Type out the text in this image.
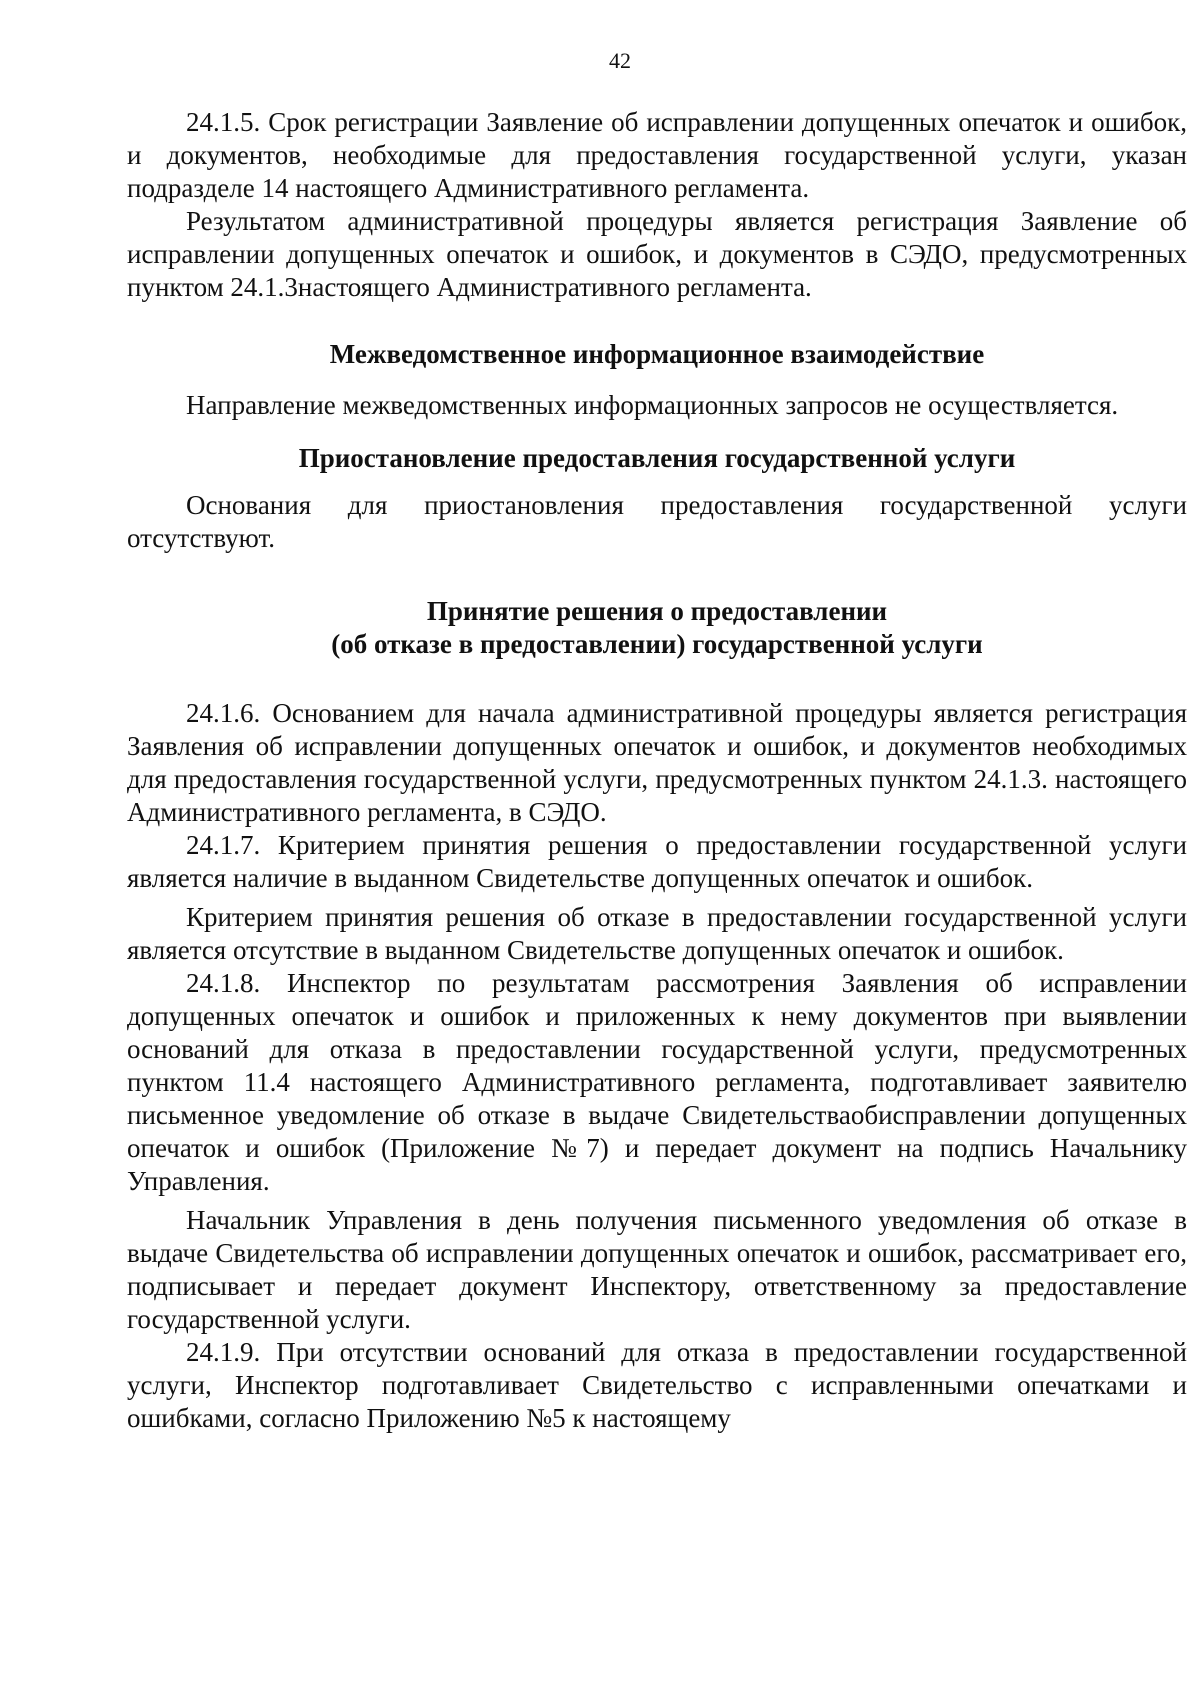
42

24.1.5. Срок регистрации Заявление об исправлении допущенных опечаток и ошибок, и документов, необходимые для предоставления государственной услуги, указан подразделе 14 настоящего Административного регламента.

Результатом административной процедуры является регистрация Заявление об исправлении допущенных опечаток и ошибок, и документов в СЭДО, предусмотренных пунктом 24.1.3настоящего Административного регламента.

Межведомственное информационное взаимодействие

Направление межведомственных информационных запросов не осуществляется.

Приостановление предоставления государственной услуги

Основания для приостановления предоставления государственной услуги отсутствуют.

Принятие решения о предоставлении
(об отказе в предоставлении) государственной услуги

24.1.6. Основанием для начала административной процедуры является регистрация Заявления об исправлении допущенных опечаток и ошибок, и документов необходимых для предоставления государственной услуги, предусмотренных пунктом 24.1.3. настоящего Административного регламента, в СЭДО.

24.1.7. Критерием принятия решения о предоставлении государственной услуги является наличие в выданном Свидетельстве допущенных опечаток и ошибок.

Критерием принятия решения об отказе в предоставлении государственной услуги является отсутствие в выданном Свидетельстве допущенных опечаток и ошибок.

24.1.8. Инспектор по результатам рассмотрения Заявления об исправлении допущенных опечаток и ошибок и приложенных к нему документов при выявлении оснований для отказа в предоставлении государственной услуги, предусмотренных пунктом 11.4 настоящего Административного регламента, подготавливает заявителю письменное уведомление об отказе в выдаче Свидетельстваобисправлении допущенных опечаток и ошибок (Приложение №7) и передает документ на подпись Начальнику Управления.

Начальник Управления в день получения письменного уведомления об отказе в выдаче Свидетельства об исправлении допущенных опечаток и ошибок, рассматривает его, подписывает и передает документ Инспектору, ответственному за предоставление государственной услуги.

24.1.9. При отсутствии оснований для отказа в предоставлении государственной услуги, Инспектор подготавливает Свидетельство с исправленными опечатками и ошибками, согласно Приложению №5 к настоящему
